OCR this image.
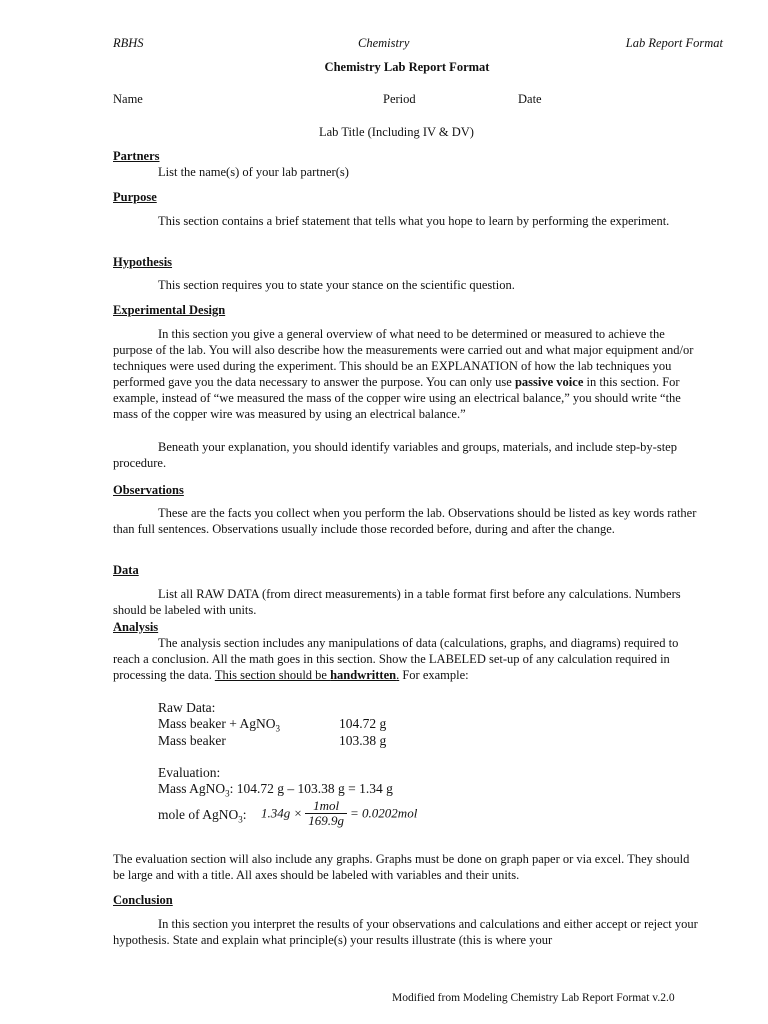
RBHS	Chemistry	Lab Report Format
Chemistry Lab Report Format
Name	Period	Date
Lab Title (Including IV & DV)
Partners
List the name(s) of your lab partner(s)
Purpose
This section contains a brief statement that tells what you hope to learn by performing the experiment.
Hypothesis
This section requires you to state your stance on the scientific question.
Experimental Design
In this section you give a general overview of what need to be determined or measured to achieve the purpose of the lab. You will also describe how the measurements were carried out and what major equipment and/or techniques were used during the experiment. This should be an EXPLANATION of how the lab techniques you performed gave you the data necessary to answer the purpose. You can only use passive voice in this section. For example, instead of “we measured the mass of the copper wire using an electrical balance,” you should write “the mass of the copper wire was measured by using an electrical balance.”
Beneath your explanation, you should identify variables and groups, materials, and include step-by-step procedure.
Observations
These are the facts you collect when you perform the lab. Observations should be listed as key words rather than full sentences. Observations usually include those recorded before, during and after the change.
Data
List all RAW DATA (from direct measurements) in a table format first before any calculations. Numbers should be labeled with units.
Analysis
The analysis section includes any manipulations of data (calculations, graphs, and diagrams) required to reach a conclusion. All the math goes in this section. Show the LABELED set-up of any calculation required in processing the data. This section should be handwritten. For example:
Raw Data:
Mass beaker + AgNO$_3$	104.72 g
Mass beaker	103.38 g
Evaluation:
Mass AgNO$_3$: 104.72 g – 103.38 g = 1.34 g
mole of AgNO$_3$: $1.34g \times \frac{\text{1mol}}{169.9g} = 0.0202mol$
The evaluation section will also include any graphs. Graphs must be done on graph paper or via excel. They should be large and with a title. All axes should be labeled with variables and their units.
Conclusion
In this section you interpret the results of your observations and calculations and either accept or reject your hypothesis. State and explain what principle(s) your results illustrate (this is where your
Modified from Modeling Chemistry Lab Report Format v.2.0
